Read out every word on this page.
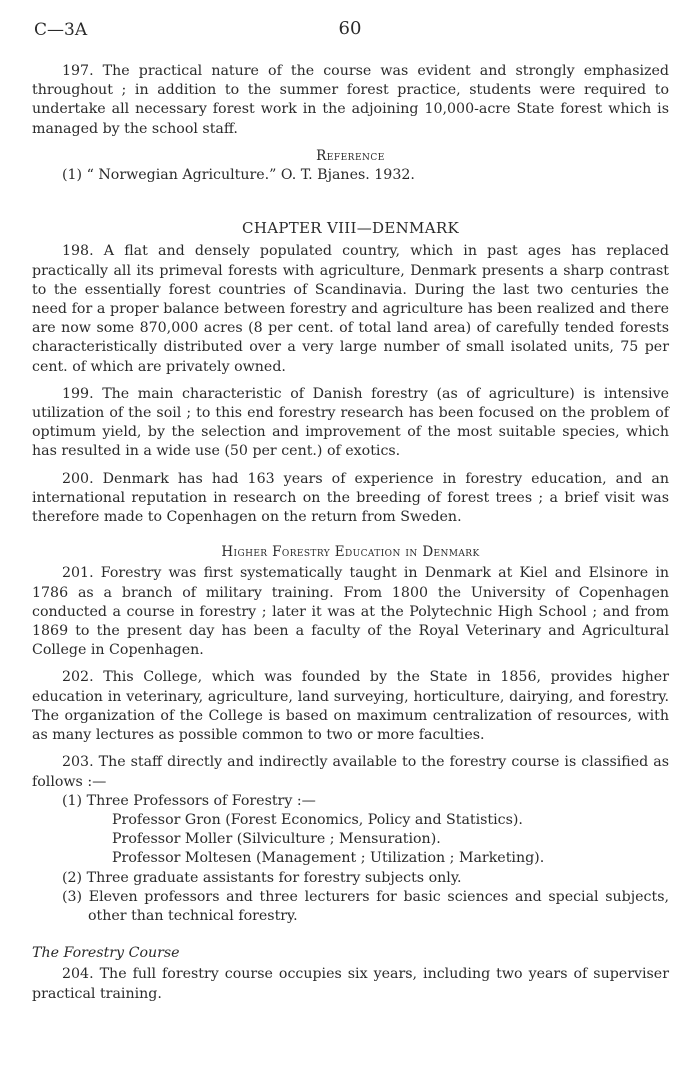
C—3A	60

197. The practical nature of the course was evident and strongly emphasized throughout ; in addition to the summer forest practice, students were required to undertake all necessary forest work in the adjoining 10,000-acre State forest which is managed by the school staff.

Reference
(1) “ Norwegian Agriculture.” O. T. Bjanes. 1932.
CHAPTER VIII—DENMARK

198. A flat and densely populated country, which in past ages has replaced practically all its primeval forests with agriculture, Denmark presents a sharp contrast to the essentially forest countries of Scandinavia. During the last two centuries the need for a proper balance between forestry and agriculture has been realized and there are now some 870,000 acres (8 per cent. of total land area) of carefully tended forests characteristically distributed over a very large number of small isolated units, 75 per cent. of which are privately owned.

199. The main characteristic of Danish forestry (as of agriculture) is intensive utilization of the soil ; to this end forestry research has been focused on the problem of optimum yield, by the selection and improvement of the most suitable species, which has resulted in a wide use (50 per cent.) of exotics.

200. Denmark has had 163 years of experience in forestry education, and an international reputation in research on the breeding of forest trees ; a brief visit was therefore made to Copenhagen on the return from Sweden.

Higher Forestry Education in Denmark

201. Forestry was first systematically taught in Denmark at Kiel and Elsinore in 1786 as a branch of military training. From 1800 the University of Copenhagen conducted a course in forestry ; later it was at the Polytechnic High School ; and from 1869 to the present day has been a faculty of the Royal Veterinary and Agricultural College in Copenhagen.

202. This College, which was founded by the State in 1856, provides higher education in veterinary, agriculture, land surveying, horticulture, dairying, and forestry. The organization of the College is based on maximum centralization of resources, with as many lectures as possible common to two or more faculties.

203. The staff directly and indirectly available to the forestry course is classified as follows :—

(1) Three Professors of Forestry :—
Professor Gron (Forest Economics, Policy and Statistics).
Professor Moller (Silviculture ; Mensuration).
Professor Moltesen (Management ; Utilization ; Marketing).
(2) Three graduate assistants for forestry subjects only.
(3) Eleven professors and three lecturers for basic sciences and special subjects, other than technical forestry.
The Forestry Course

204. The full forestry course occupies six years, including two years of superviser practical training.
